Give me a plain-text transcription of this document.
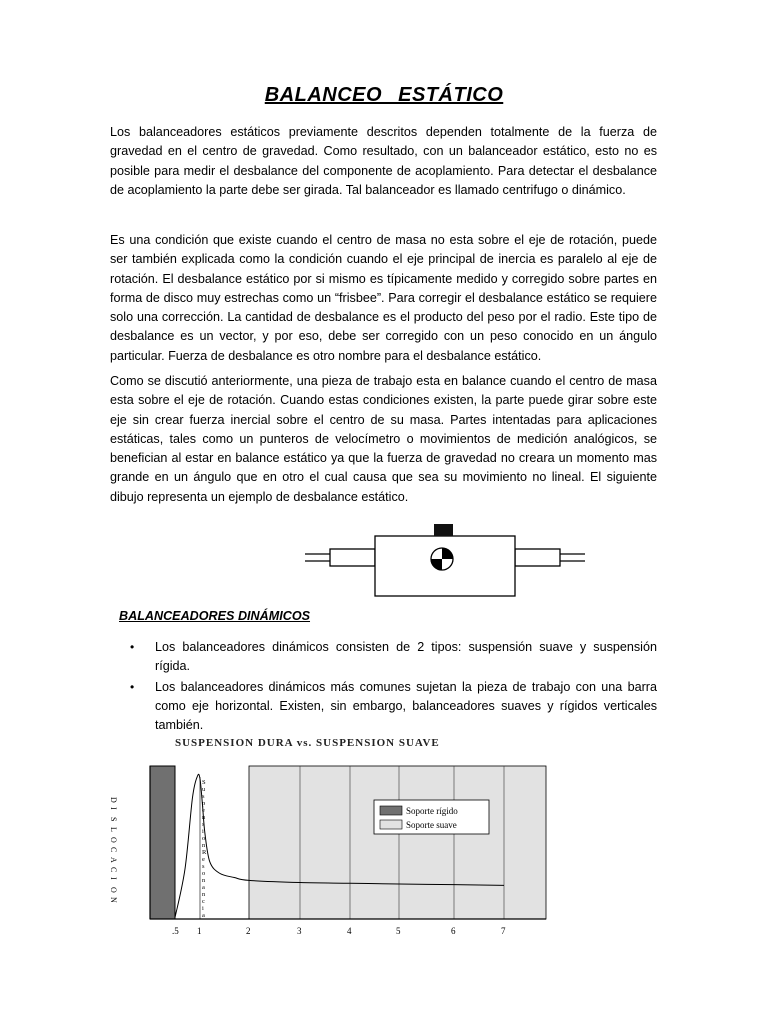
BALANCEO ESTÁTICO

Los balanceadores estáticos previamente descritos dependen totalmente de la fuerza de gravedad en el centro de gravedad. Como resultado, con un balanceador estático, esto no es posible para medir el desbalance del componente de acoplamiento. Para detectar el desbalance de acoplamiento la parte debe ser girada. Tal balanceador es llamado centrifugo o dinámico.

Es una condición que existe cuando el centro de masa no esta sobre el eje de rotación, puede ser también explicada como la condición cuando el eje principal de inercia es paralelo al eje de rotación. El desbalance estático por si mismo es típicamente medido y corregido sobre partes en forma de disco muy estrechas como un “frisbee”. Para corregir el desbalance estático se requiere solo una corrección. La cantidad de desbalance es el producto del peso por el radio. Este tipo de desbalance es un vector, y por eso, debe ser corregido con un peso conocido en un ángulo particular. Fuerza de desbalance es otro nombre para el desbalance estático.

Como se discutió anteriormente, una pieza de trabajo esta en balance cuando el centro de masa esta sobre el eje de rotación. Cuando estas condiciones existen, la parte puede girar sobre este eje sin crear fuerza inercial sobre el centro de su masa. Partes intentadas para aplicaciones estáticas, tales como un punteros de velocímetro o movimientos de medición analógicos, se benefician al estar en balance estático ya que la fuerza de gravedad no creara un momento mas grande en un ángulo que en otro el cual causa que sea su movimiento no lineal. El siguiente dibujo representa un ejemplo de desbalance estático.

BALANCEADORES DINÁMICOS
• Los balanceadores dinámicos consisten de 2 tipos: suspensión suave y suspensión rígida.
• Los balanceadores dinámicos más comunes sujetan la pieza de trabajo con una barra como eje horizontal. Existen, sin embargo, balanceadores suaves y rígidos verticales también.
SUSPENSION DURA vs. SUSPENSION SUAVE
D
I
S
L
O
C
A
C
I
O
N
S
u
s
p
e
n
s
i
o
n
R
e
s
o
n
a
n
c
i
a
Soporte rígido
Soporte suave
.5 1	2	3	4	5	6	7
